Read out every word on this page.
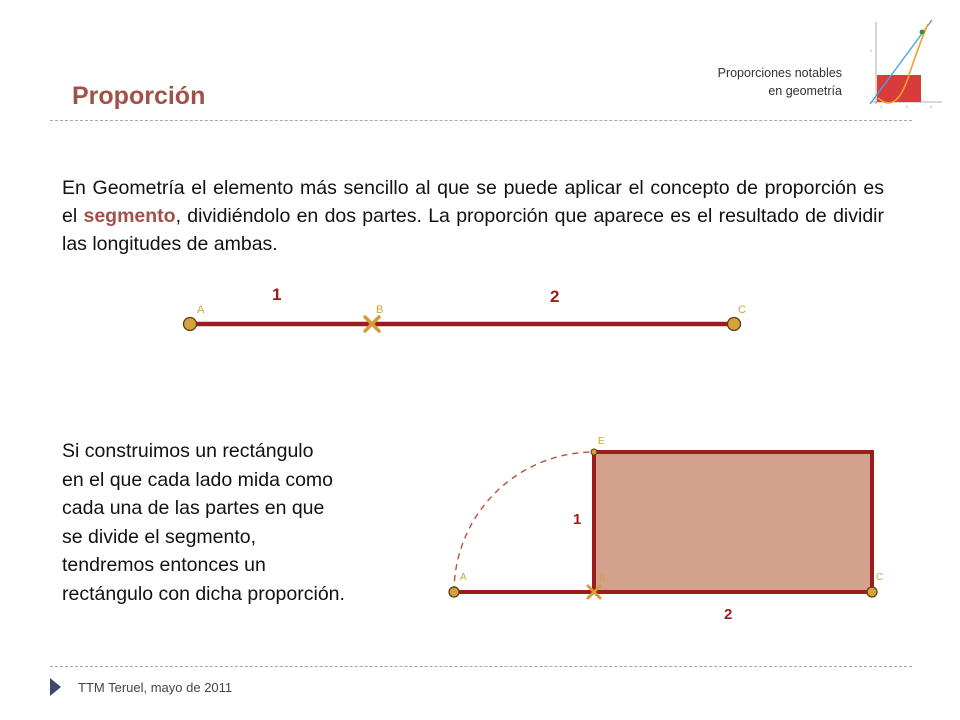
Proporción
Proporciones notables
en geometría
1	2	3
2
En Geometría el elemento más sencillo al que se puede aplicar el concepto de proporción es el segmento, dividiéndolo en dos partes. La proporción que aparece es el resultado de dividir las longitudes de ambas.
A	B	C
1	2
Si construimos un rectángulo
en el que cada lado mida como
cada una de las partes en que
se divide el segmento,
tendremos entonces un
rectángulo con dicha proporción.
A	B	C
E
1
2
TTM Teruel, mayo de 2011
